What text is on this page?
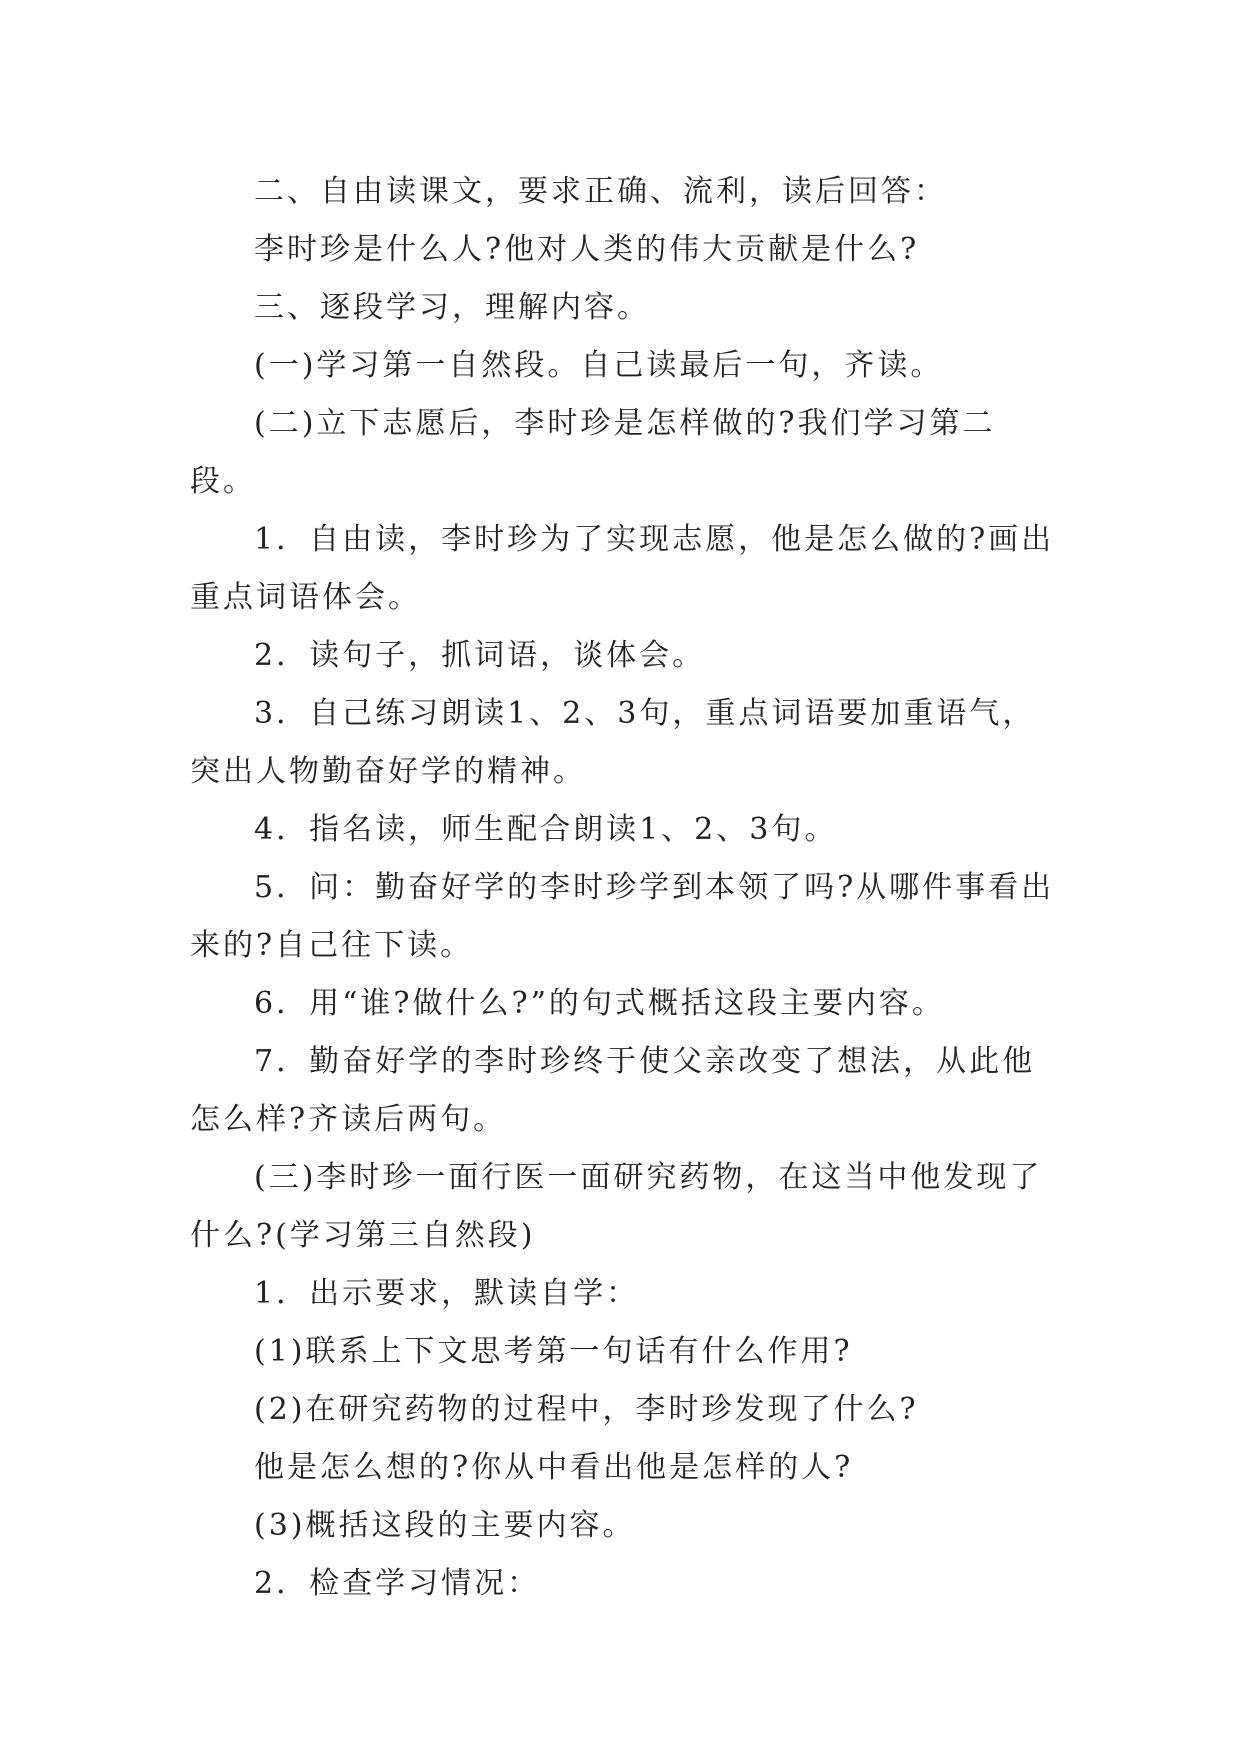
二、自由读课文，要求正确、流利，读后回答：

李时珍是什么人?他对人类的伟大贡献是什么?

三、逐段学习，理解内容。

(一)学习第一自然段。自己读最后一句，齐读。

(二)立下志愿后，李时珍是怎样做的?我们学习第二段。

1．自由读，李时珍为了实现志愿，他是怎么做的?画出重点词语体会。

2．读句子，抓词语，谈体会。

3．自己练习朗读1、2、3句，重点词语要加重语气，突出人物勤奋好学的精神。

4．指名读，师生配合朗读1、2、3句。

5．问：勤奋好学的李时珍学到本领了吗?从哪件事看出来的?自己往下读。

6．用“谁?做什么?”的句式概括这段主要内容。

7．勤奋好学的李时珍终于使父亲改变了想法，从此他怎么样?齐读后两句。

(三)李时珍一面行医一面研究药物，在这当中他发现了什么?(学习第三自然段)

1．出示要求，默读自学：

(1)联系上下文思考第一句话有什么作用?

(2)在研究药物的过程中，李时珍发现了什么?

他是怎么想的?你从中看出他是怎样的人?

(3)概括这段的主要内容。

2．检查学习情况：
